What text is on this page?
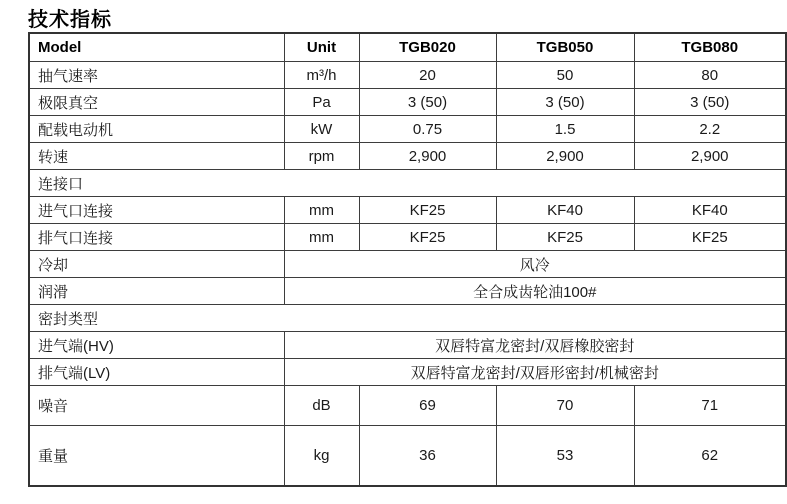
技术指标
Model	Unit	TGB020	TGB050	TGB080
抽气速率	m³/h	20	50	80
极限真空	Pa	3 (50)	3 (50)	3 (50)
配载电动机	kW	0.75	1.5	2.2
转速	rpm	2,900	2,900	2,900
连接口				
进气口连接	mm	KF25	KF40	KF40
排气口连接	mm	KF25	KF25	KF25
冷却	风冷			
润滑	全合成齿轮油100#			
密封类型				
进气端(HV)	双唇特富龙密封/双唇橡胶密封			
排气端(LV)	双唇特富龙密封/双唇形密封/机械密封			
噪音	dB	69	70	71
重量	kg	36	53	62
